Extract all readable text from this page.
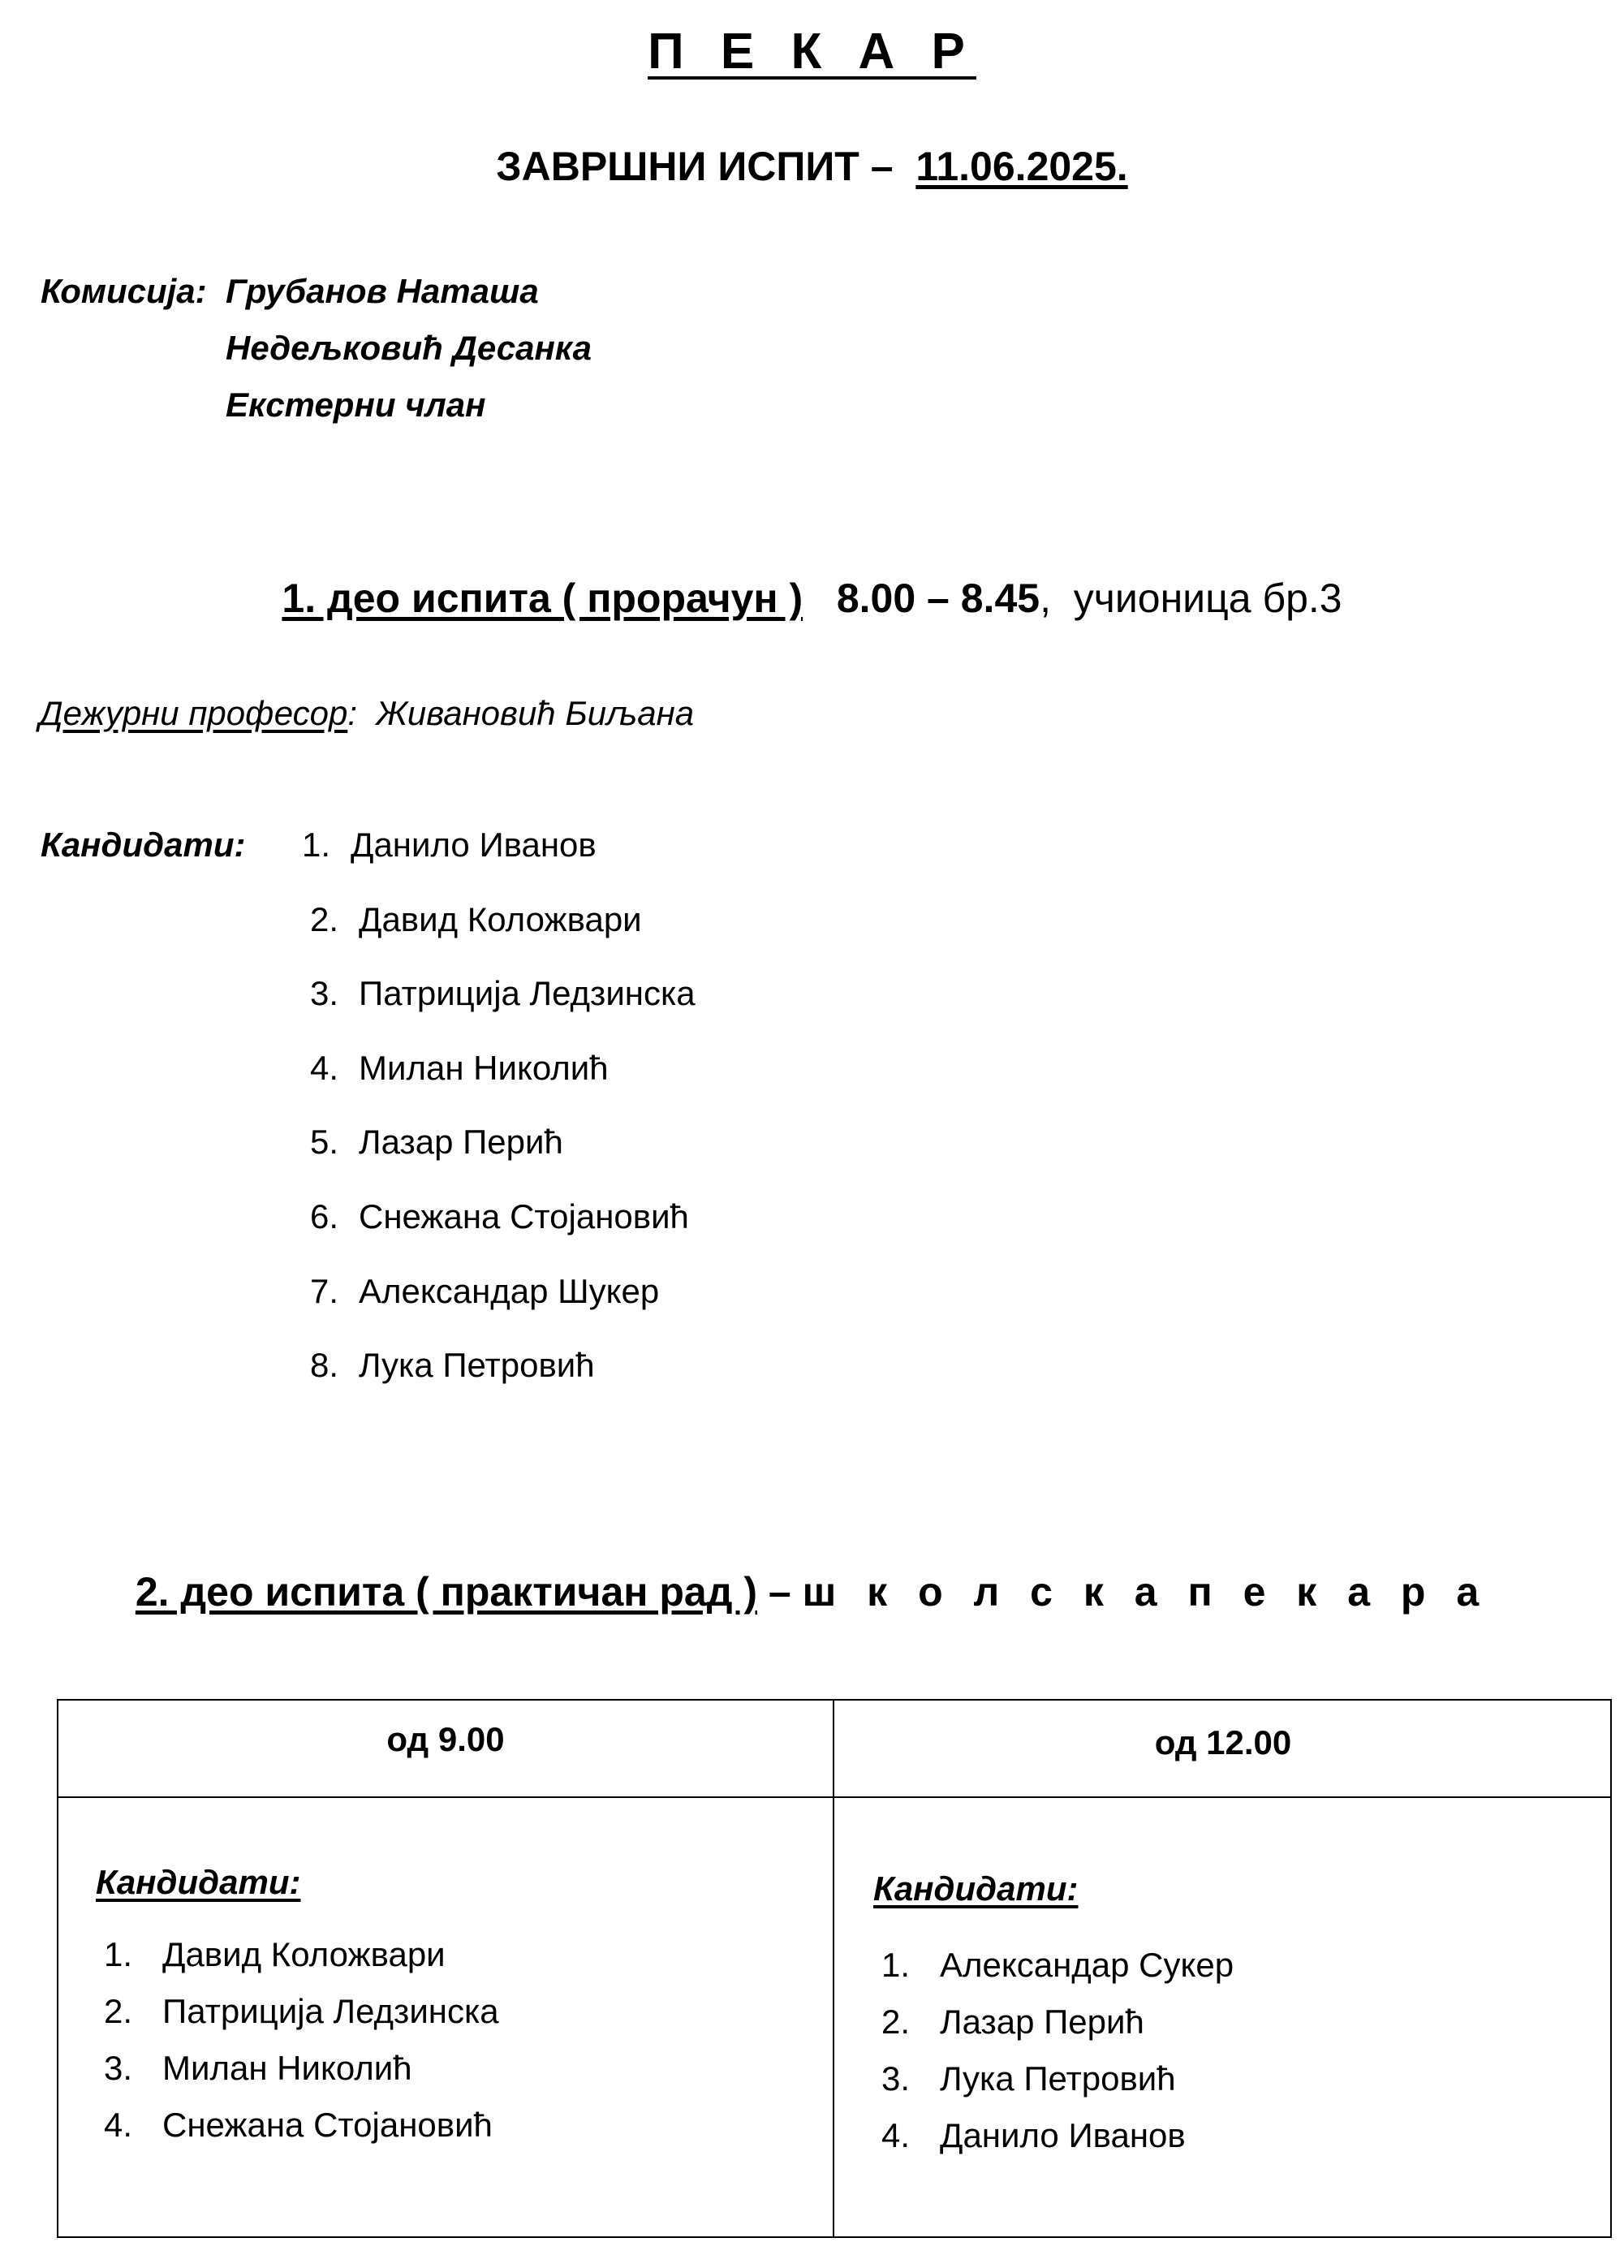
П Е К А Р
ЗАВРШНИ ИСПИТ – 11.06.2025.
Комисија: Грубанов Наташа
Недељковић Десанка
Екстерни члан
1. део испита ( прорачун ) 8.00 – 8.45, учионица бр.3
Дежурни професор: Живановић Биљана
Кандидати: 1. Данило Иванов
2. Давид Коложвари
3. Патриција Ледзинска
4. Милан Николић
5. Лазар Перић
6. Снежана Стојановић
7. Александар Шукер
8. Лука Петровић
2. део испита ( практичан рад ) – ш к о л с к а п е к а р а
од 9.00
Кандидати:
1. Давид Коложвари
2. Патриција Ледзинска
3. Милан Николић
4. Снежана Стојановић
од 12.00
Кандидати:
1. Александар Сукер
2. Лазар Перић
3. Лука Петровић
4. Данило Иванов
